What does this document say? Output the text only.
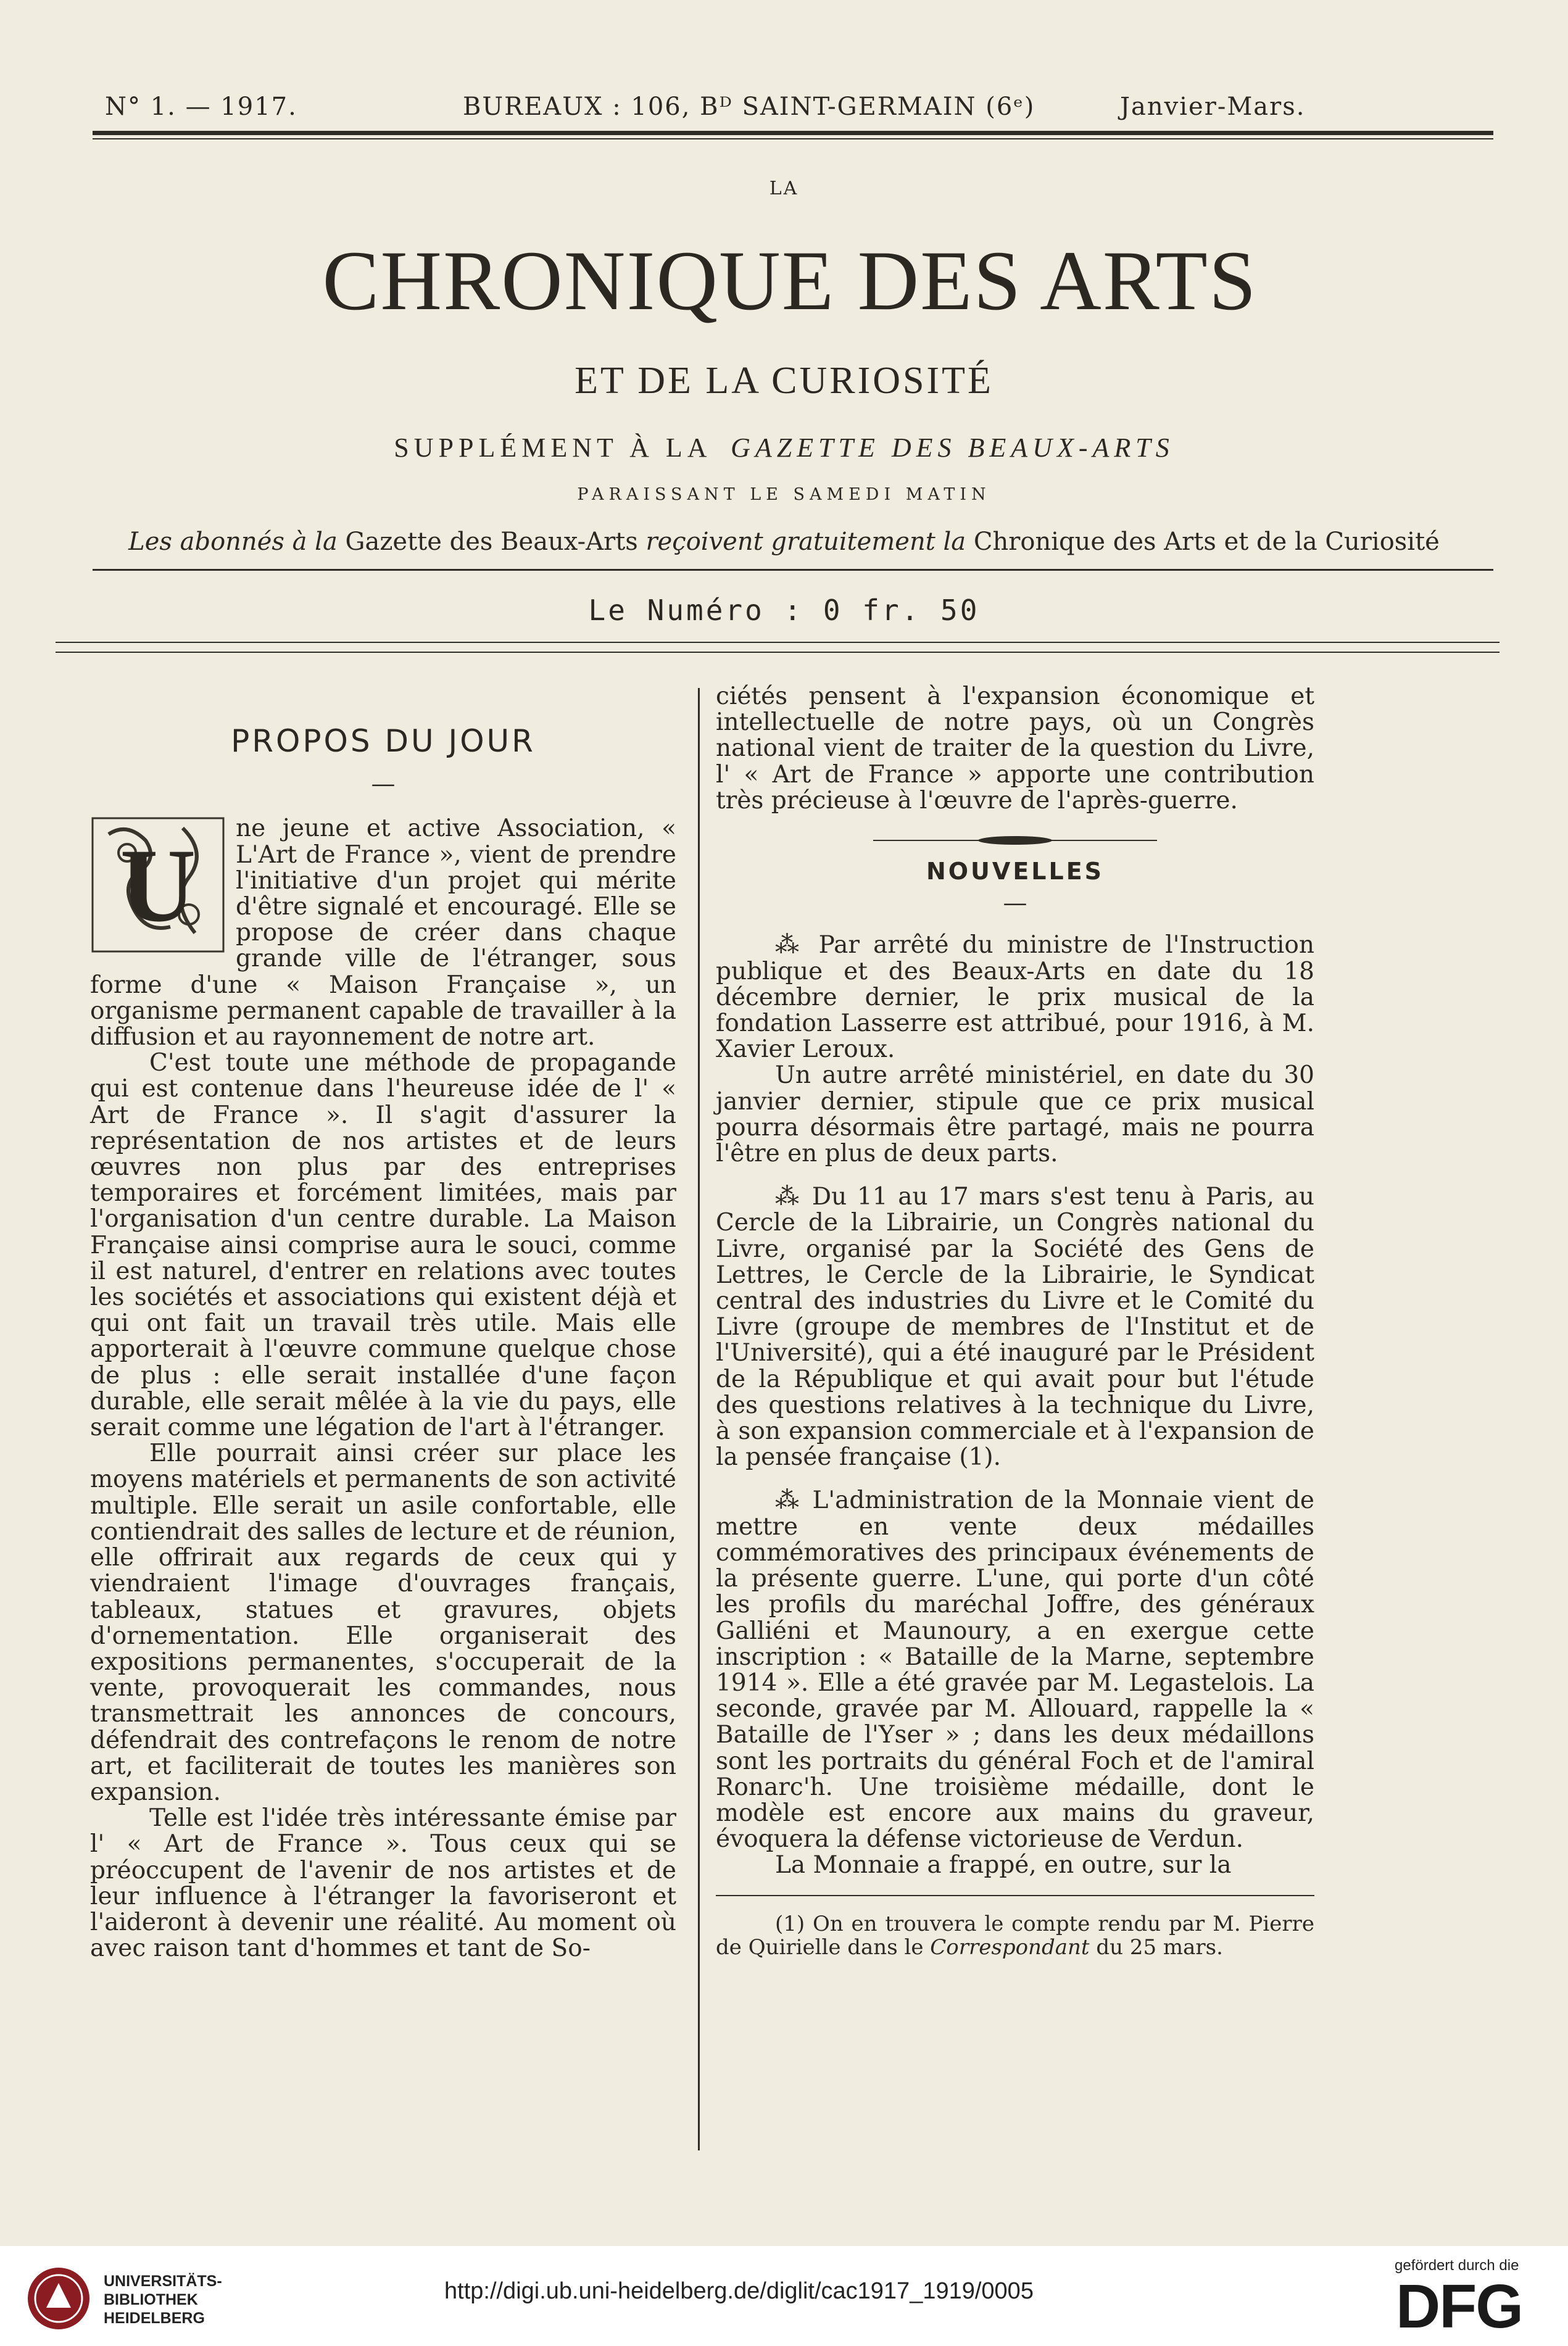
N° 1. — 1917.	BUREAUX : 106, Bᴰ SAINT-GERMAIN (6ᵉ)	Janvier-Mars.
LA
CHRONIQUE DES ARTS
ET DE LA CURIOSITÉ
SUPPLÉMENT À LA GAZETTE DES BEAUX-ARTS
PARAISSANT LE SAMEDI MATIN
Les abonnés à la Gazette des Beaux-Arts reçoivent gratuitement la Chronique des Arts et de la Curiosité
Le Numéro : 0 fr. 50
PROPOS DU JOUR
—
U	ne jeune et active Association, « L'Art de France », vient de prendre l'initiative d'un projet qui mérite d'être signalé et encouragé. Elle se propose de créer dans chaque grande ville de l'étranger, sous forme d'une « Maison Française », un organisme permanent capable de travailler à la diffusion et au rayonnement de notre art.

C'est toute une méthode de propagande qui est contenue dans l'heureuse idée de l' « Art de France ». Il s'agit d'assurer la représentation de nos artistes et de leurs œuvres non plus par des entreprises temporaires et forcément limitées, mais par l'organisation d'un centre durable. La Maison Française ainsi comprise aura le souci, comme il est naturel, d'entrer en relations avec toutes les sociétés et associations qui existent déjà et qui ont fait un travail très utile. Mais elle apporterait à l'œuvre commune quelque chose de plus : elle serait installée d'une façon durable, elle serait mêlée à la vie du pays, elle serait comme une légation de l'art à l'étranger.

Elle pourrait ainsi créer sur place les moyens matériels et permanents de son activité multiple. Elle serait un asile confortable, elle contiendrait des salles de lecture et de réunion, elle offrirait aux regards de ceux qui y viendraient l'image d'ouvrages français, tableaux, statues et gravures, objets d'ornementation. Elle organiserait des expositions permanentes, s'occuperait de la vente, provoquerait les commandes, nous transmettrait les annonces de concours, défendrait des contrefaçons le renom de notre art, et faciliterait de toutes les manières son expansion.

Telle est l'idée très intéressante émise par l' « Art de France ». Tous ceux qui se préoccupent de l'avenir de nos artistes et de leur influence à l'étranger la favoriseront et l'aideront à devenir une réalité. Au moment où avec raison tant d'hommes et tant de So-

ciétés pensent à l'expansion économique et intellectuelle de notre pays, où un Congrès national vient de traiter de la question du Livre, l' « Art de France » apporte une contribution très précieuse à l'œuvre de l'après-guerre.

NOUVELLES
—

⁂ Par arrêté du ministre de l'Instruction publique et des Beaux-Arts en date du 18 décembre dernier, le prix musical de la fondation Lasserre est attribué, pour 1916, à M. Xavier Leroux.

Un autre arrêté ministériel, en date du 30 janvier dernier, stipule que ce prix musical pourra désormais être partagé, mais ne pourra l'être en plus de deux parts.

⁂ Du 11 au 17 mars s'est tenu à Paris, au Cercle de la Librairie, un Congrès national du Livre, organisé par la Société des Gens de Lettres, le Cercle de la Librairie, le Syndicat central des industries du Livre et le Comité du Livre (groupe de membres de l'Institut et de l'Université), qui a été inauguré par le Président de la République et qui avait pour but l'étude des questions relatives à la technique du Livre, à son expansion commerciale et à l'expansion de la pensée française (1).

⁂ L'administration de la Monnaie vient de mettre en vente deux médailles commémoratives des principaux événements de la présente guerre. L'une, qui porte d'un côté les profils du maréchal Joffre, des généraux Galliéni et Maunoury, a en exergue cette inscription : « Bataille de la Marne, septembre 1914 ». Elle a été gravée par M. Legastelois. La seconde, gravée par M. Allouard, rappelle la « Bataille de l'Yser » ; dans les deux médaillons sont les portraits du général Foch et de l'amiral Ronarc'h. Une troisième médaille, dont le modèle est encore aux mains du graveur, évoquera la défense victorieuse de Verdun.

La Monnaie a frappé, en outre, sur la

(1) On en trouvera le compte rendu par M. Pierre de Quirielle dans le Correspondant du 25 mars.

UNIVERSITÄTS-
BIBLIOTHEK
HEIDELBERG
http://digi.ub.uni-heidelberg.de/diglit/cac1917_1919/0005
gefördert durch die
DFG
